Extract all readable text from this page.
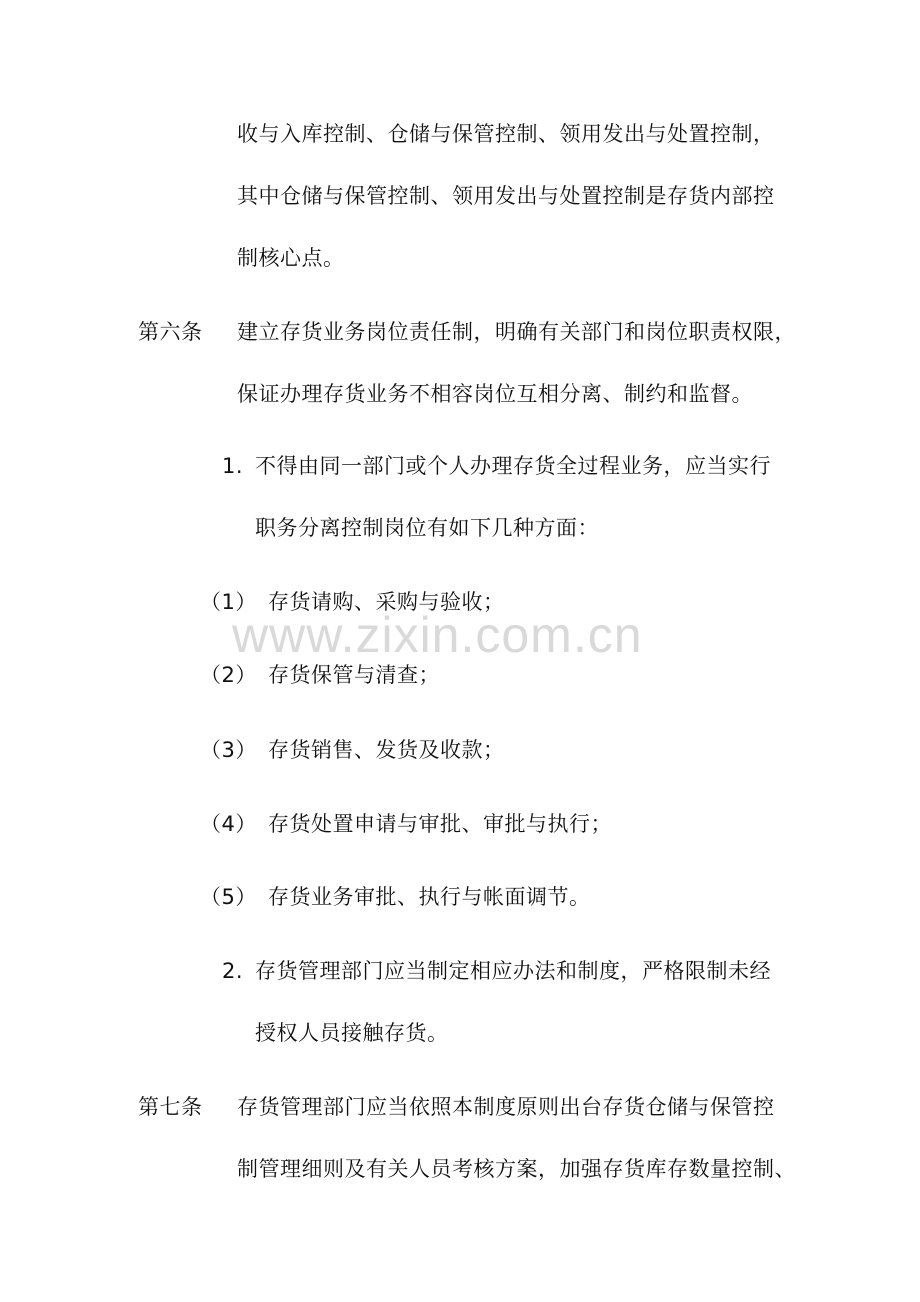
收与入库控制、仓储与保管控制、领用发出与处置控制，
其中仓储与保管控制、领用发出与处置控制是存货内部控
制核心点。
第六条 建立存货业务岗位责任制，明确有关部门和岗位职责权限，
保证办理存货业务不相容岗位互相分离、制约和监督。
1. 不得由同一部门或个人办理存货全过程业务，应当实行
职务分离控制岗位有如下几种方面：
（1） 存货请购、采购与验收；
（2） 存货保管与清查；
（3） 存货销售、发货及收款；
（4） 存货处置申请与审批、审批与执行；
（5） 存货业务审批、执行与帐面调节。
2. 存货管理部门应当制定相应办法和制度，严格限制未经
授权人员接触存货。
第七条 存货管理部门应当依照本制度原则出台存货仓储与保管控
制管理细则及有关人员考核方案，加强存货库存数量控制、
www.zixin.com.cn
